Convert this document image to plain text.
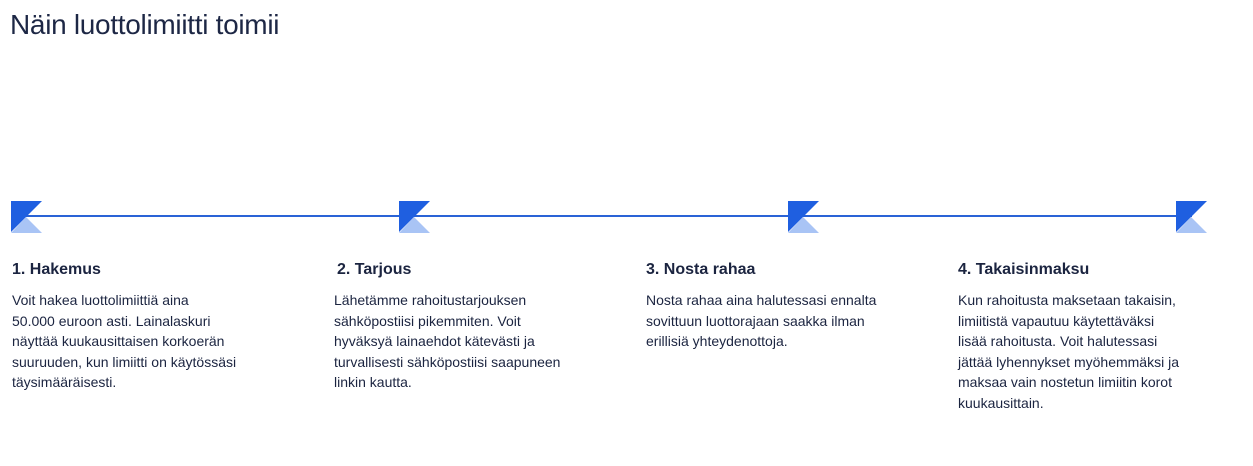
Näin luottolimiitti toimii
1. Hakemus

Voit hakea luottolimiittiä aina
50.000 euroon asti. Lainalaskuri
näyttää kuukausittaisen korkoerän
suuruuden, kun limiitti on käytössäsi
täysimääräisesti.

2. Tarjous

Lähetämme rahoitustarjouksen
sähköpostiisi pikemmiten. Voit
hyväksyä lainaehdot kätevästi ja
turvallisesti sähköpostiisi saapuneen
linkin kautta.

3. Nosta rahaa

Nosta rahaa aina halutessasi ennalta
sovittuun luottorajaan saakka ilman
erillisiä yhteydenottoja.

4. Takaisinmaksu

Kun rahoitusta maksetaan takaisin,
limiitistä vapautuu käytettäväksi
lisää rahoitusta. Voit halutessasi
jättää lyhennykset myöhemmäksi ja
maksaa vain nostetun limiitin korot
kuukausittain.
